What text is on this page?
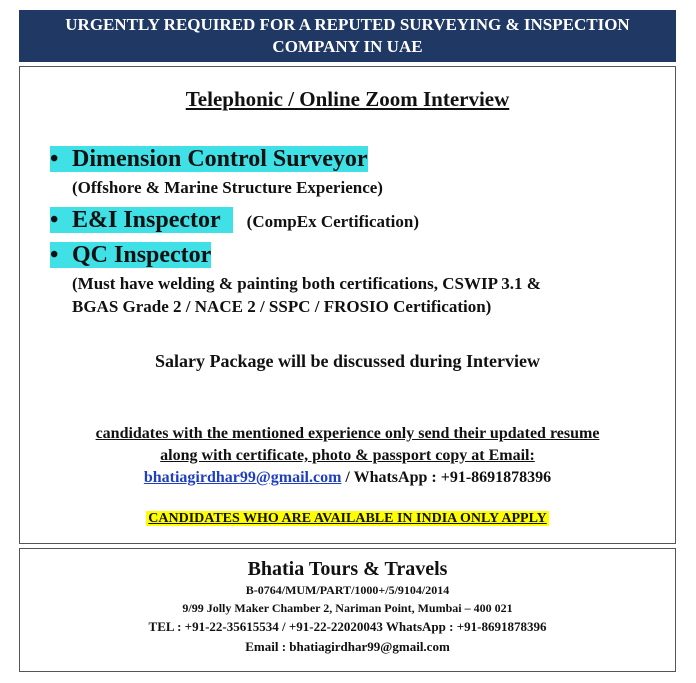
URGENTLY REQUIRED FOR A REPUTED SURVEYING & INSPECTION
COMPANY IN UAE
Telephonic / Online Zoom Interview
• Dimension Control Surveyor
(Offshore & Marine Structure Experience)
• E&I Inspector (CompEx Certification)
• QC Inspector
(Must have welding & painting both certifications, CSWIP 3.1 &
BGAS Grade 2 / NACE 2 / SSPC / FROSIO Certification)
Salary Package will be discussed during Interview
candidates with the mentioned experience only send their updated resume
along with certificate, photo & passport copy at Email:
bhatiagirdhar99@gmail.com / WhatsApp : +91-8691878396
CANDIDATES WHO ARE AVAILABLE IN INDIA ONLY APPLY
Bhatia Tours & Travels
B-0764/MUM/PART/1000+/5/9104/2014
9/99 Jolly Maker Chamber 2, Nariman Point, Mumbai – 400 021
TEL : +91-22-35615534 / +91-22-22020043 WhatsApp : +91-8691878396
Email : bhatiagirdhar99@gmail.com
